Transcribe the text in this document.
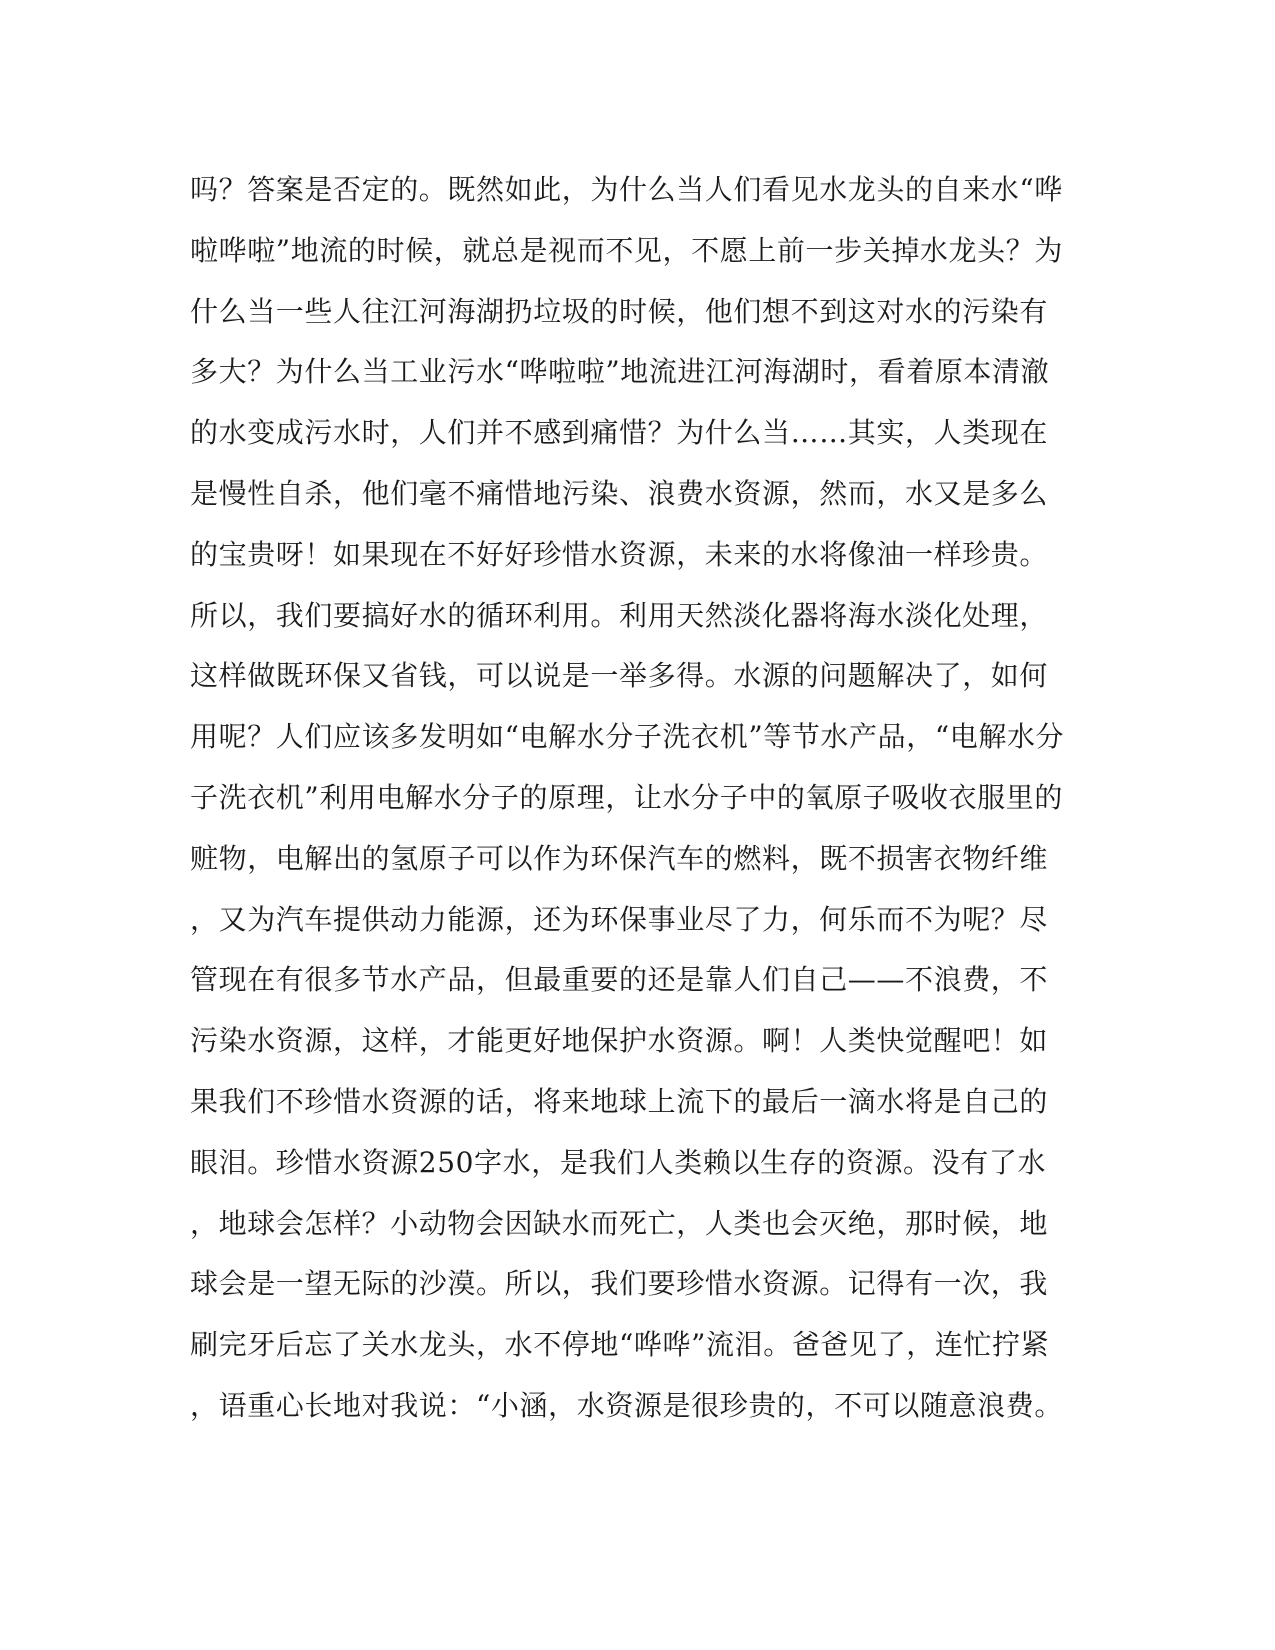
吗？答案是否定的。既然如此，为什么当人们看见水龙头的自来水“哗
啦哗啦”地流的时候，就总是视而不见，不愿上前一步关掉水龙头？为
什么当一些人往江河海湖扔垃圾的时候，他们想不到这对水的污染有
多大？为什么当工业污水“哗啦啦”地流进江河海湖时，看着原本清澈
的水变成污水时，人们并不感到痛惜？为什么当……其实，人类现在
是慢性自杀，他们毫不痛惜地污染、浪费水资源，然而，水又是多么
的宝贵呀！如果现在不好好珍惜水资源，未来的水将像油一样珍贵。
所以，我们要搞好水的循环利用。利用天然淡化器将海水淡化处理，
这样做既环保又省钱，可以说是一举多得。水源的问题解决了，如何
用呢？人们应该多发明如“电解水分子洗衣机”等节水产品，“电解水分
子洗衣机”利用电解水分子的原理，让水分子中的氧原子吸收衣服里的
赃物，电解出的氢原子可以作为环保汽车的燃料，既不损害衣物纤维
，又为汽车提供动力能源，还为环保事业尽了力，何乐而不为呢？尽
管现在有很多节水产品，但最重要的还是靠人们自己——不浪费，不
污染水资源，这样，才能更好地保护水资源。啊！人类快觉醒吧！如
果我们不珍惜水资源的话，将来地球上流下的最后一滴水将是自己的
眼泪。珍惜水资源250字水，是我们人类赖以生存的资源。没有了水
，地球会怎样？小动物会因缺水而死亡，人类也会灭绝，那时候，地
球会是一望无际的沙漠。所以，我们要珍惜水资源。记得有一次，我
刷完牙后忘了关水龙头，水不停地“哗哗”流泪。爸爸见了，连忙拧紧
，语重心长地对我说：“小涵，水资源是很珍贵的，不可以随意浪费。
